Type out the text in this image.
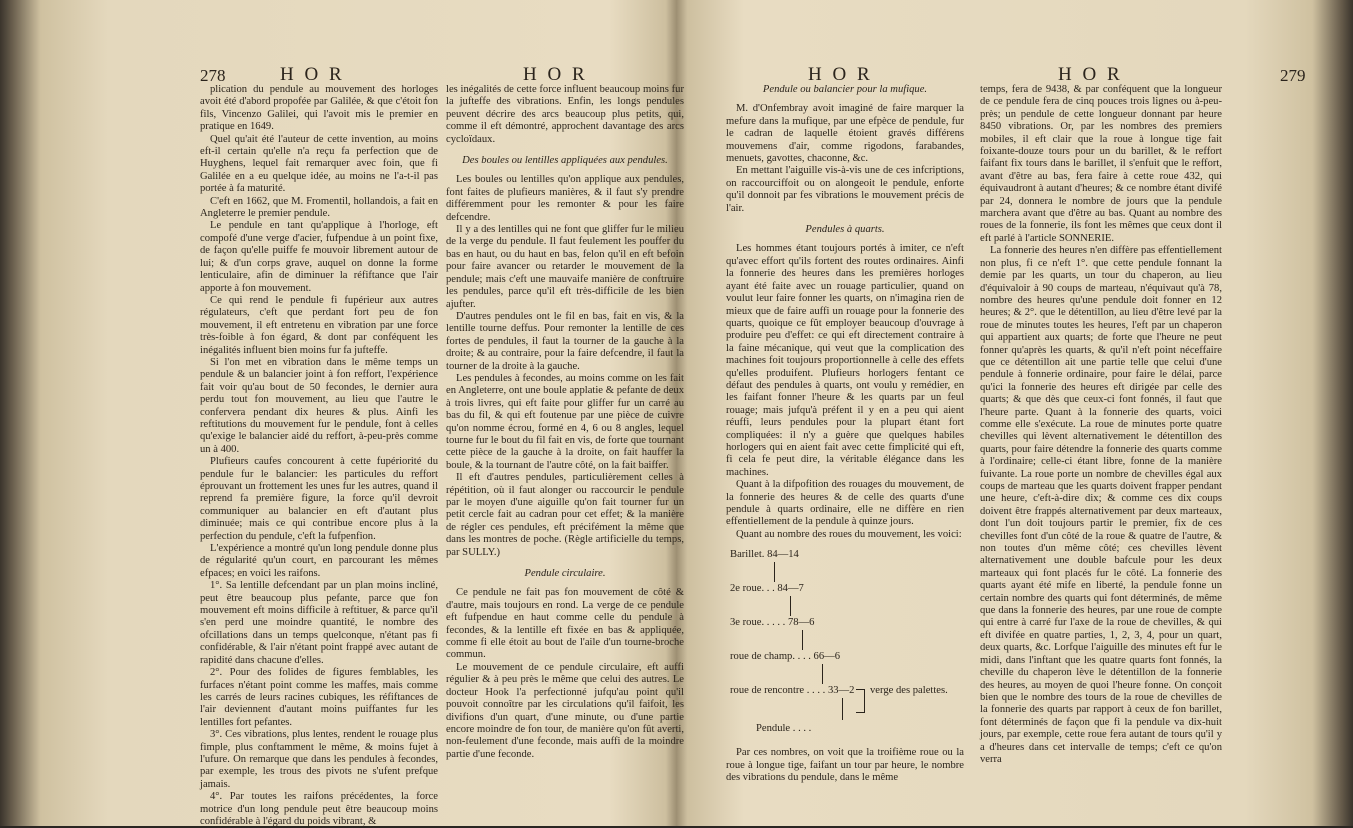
278	H O R	H O R

plication du pendule au mouvement des horloges avoit été d'abord propofée par Galilée, & que c'étoit fon fils, Vincenzo Galilei, qui l'avoit mis le premier en pratique en 1649.

Quel qu'ait été l'auteur de cette invention, au moins eft-il certain qu'elle n'a reçu fa perfection que de Huyghens, lequel fait remarquer avec foin, que fi Galilée en a eu quelque idée, au moins ne l'a-t-il pas portée à fa maturité.

C'eft en 1662, que M. Fromentil, hollandois, a fait en Angleterre le premier pendule.

Le pendule en tant qu'applique à l'horloge, eft compofé d'une verge d'acier, fufpendue à un point fixe, de façon qu'elle puiffe fe mouvoir librement autour de lui; & d'un corps grave, auquel on donne la forme lenticulaire, afin de diminuer la réfiftance que l'air apporte à fon mouvement.

Ce qui rend le pendule fi fupérieur aux autres régulateurs, c'eft que perdant fort peu de fon mouvement, il eft entretenu en vibration par une force très-foible à fon égard, & dont par conféquent les inégalités influent bien moins fur fa jufteffe.

Si l'on met en vibration dans le même temps un pendule & un balancier joint à fon reffort, l'expérience fait voir qu'au bout de 50 fecondes, le dernier aura perdu tout fon mouvement, au lieu que l'autre le confervera pendant dix heures & plus. Ainfi les reftitutions du mouvement fur le pendule, font à celles qu'exige le balancier aidé du reffort, à-peu-près comme un à 400.

Plufieurs caufes concourent à cette fupériorité du pendule fur le balancier: les particules du reffort éprouvant un frottement les unes fur les autres, quand il reprend fa première figure, la force qu'il devroit communiquer au balancier en eft d'autant plus diminuée; mais ce qui contribue encore plus à la perfection du pendule, c'eft la fufpenfion.

L'expérience a montré qu'un long pendule donne plus de régularité qu'un court, en parcourant les mêmes efpaces; en voici les raifons.

1°. Sa lentille defcendant par un plan moins incliné, peut être beaucoup plus pefante, parce que fon mouvement eft moins difficile à reftituer, & parce qu'il s'en perd une moindre quantité, le nombre des ofcillations dans un temps quelconque, n'étant pas fi confidérable, & l'air n'étant point frappé avec autant de rapidité dans chacune d'elles.

2°. Pour des folides de figures femblables, les furfaces n'étant point comme les maffes, mais comme les carrés de leurs racines cubiques, les réfiftances de l'air deviennent d'autant moins puiffantes fur les lentilles fort pefantes.

3°. Ces vibrations, plus lentes, rendent le rouage plus fimple, plus conftamment le même, & moins fujet à l'ufure. On remarque que dans les pendules à fecondes, par exemple, les trous des pivots ne s'ufent prefque jamais.

4°. Par toutes les raifons précédentes, la force motrice d'un long pendule peut être beaucoup moins confidérable à l'égard du poids vibrant, &

les inégalités de cette force influent beaucoup moins fur la jufteffe des vibrations. Enfin, les longs pendules peuvent décrire des arcs beaucoup plus petits, qui, comme il eft démontré, approchent davantage des arcs cycloïdaux.

Des boules ou lentilles appliquées aux pendules.

Les boules ou lentilles qu'on applique aux pendules, font faites de plufieurs manières, & il faut s'y prendre différemment pour les remonter & pour les faire defcendre.

Il y a des lentilles qui ne font que gliffer fur le milieu de la verge du pendule. Il faut feulement les pouffer du bas en haut, ou du haut en bas, felon qu'il en eft befoin pour faire avancer ou retarder le mouvement de la pendule; mais c'eft une mauvaife manière de conftruire les pendules, parce qu'il eft très-difficile de les bien ajufter.

D'autres pendules ont le fil en bas, fait en vis, & la lentille tourne deffus. Pour remonter la lentille de ces fortes de pendules, il faut la tourner de la gauche à la droite; & au contraire, pour la faire defcendre, il faut la tourner de la droite à la gauche.

Les pendules à fecondes, au moins comme on les fait en Angleterre, ont une boule applatie & pefante de deux à trois livres, qui eft faite pour gliffer fur un carré au bas du fil, & qui eft foutenue par une pièce de cuivre qu'on nomme écrou, formé en 4, 6 ou 8 angles, lequel tourne fur le bout du fil fait en vis, de forte que tournant cette pièce de la gauche à la droite, on fait hauffer la boule, & la tournant de l'autre côté, on la fait baiffer.

Il eft d'autres pendules, particulièrement celles à répétition, où il faut alonger ou raccourcir le pendule par le moyen d'une aiguille qu'on fait tourner fur un petit cercle fait au cadran pour cet effet; & la manière de régler ces pendules, eft précifément la même que dans les montres de poche. (Règle artificielle du temps, par SULLY.)

Pendule circulaire.

Ce pendule ne fait pas fon mouvement de côté & d'autre, mais toujours en rond. La verge de ce pendule eft fufpendue en haut comme celle du pendule à fecondes, & la lentille eft fixée en bas & appliquée, comme fi elle étoit au bout de l'aile d'un tourne-broche commun.

Le mouvement de ce pendule circulaire, eft auffi régulier & à peu près le même que celui des autres. Le docteur Hook l'a perfectionné jufqu'au point qu'il pouvoit connoître par les circulations qu'il faifoit, les divifions d'un quart, d'une minute, ou d'une partie encore moindre de fon tour, de manière qu'on fût averti, non-feulement d'une feconde, mais auffi de la moindre partie d'une feconde.

H O R	H O R	279

Pendule ou balancier pour la mufique.

M. d'Onfembray avoit imaginé de faire marquer la mefure dans la mufique, par une efpèce de pendule, fur le cadran de laquelle étoient gravés différens mouvemens d'air, comme rigodons, farabandes, menuets, gavottes, chaconne, &c.

En mettant l'aiguille vis-à-vis une de ces infcriptions, on raccourciffoit ou on alongeoit le pendule, enforte qu'il donnoit par fes vibrations le mouvement précis de l'air.

Pendules à quarts.

Les hommes étant toujours portés à imiter, ce n'eft qu'avec effort qu'ils fortent des routes ordinaires. Ainfi la fonnerie des heures dans les premières horloges ayant été faite avec un rouage particulier, quand on voulut leur faire fonner les quarts, on n'imagina rien de mieux que de faire auffi un rouage pour la fonnerie des quarts, quoique ce fût employer beaucoup d'ouvrage à produire peu d'effet: ce qui eft directement contraire à la faine mécanique, qui veut que la complication des machines foit toujours proportionnelle à celle des effets qu'elles produifent. Plufieurs horlogers fentant ce défaut des pendules à quarts, ont voulu y remédier, en les faifant fonner l'heure & les quarts par un feul rouage; mais jufqu'à préfent il y en a peu qui aient réuffi, leurs pendules pour la plupart étant fort compliquées: il n'y a guère que quelques habiles horlogers qui en aient fait avec cette fimplicité qui eft, fi cela fe peut dire, la véritable élégance dans les machines.

Quant à la difpofition des rouages du mouvement, de la fonnerie des heures & de celle des quarts d'une pendule à quarts ordinaire, elle ne diffère en rien effentiellement de la pendule à quinze jours.

Quant au nombre des roues du mouvement, les voici:

Barillet. 84—14
2e roue. . . 84—7
3e roue. . . . . 78—6
roue de champ. . . . 66—6
roue de rencontre . . . . 33—2 verge des palettes.
Pendule . . . .

Par ces nombres, on voit que la troifième roue ou la roue à longue tige, faifant un tour par heure, le nombre des vibrations du pendule, dans le même

temps, fera de 9438, & par conféquent que la longueur de ce pendule fera de cinq pouces trois lignes ou à-peu-près; un pendule de cette longueur donnant par heure 8450 vibrations. Or, par les nombres des premiers mobiles, il eft clair que la roue à longue tige fait foixante-douze tours pour un du barillet, & le reffort faifant fix tours dans le barillet, il s'enfuit que le reffort, avant d'être au bas, fera faire à cette roue 432, qui équivaudront à autant d'heures; & ce nombre étant divifé par 24, donnera le nombre de jours que la pendule marchera avant que d'être au bas. Quant au nombre des roues de la fonnerie, ils font les mêmes que ceux dont il eft parlé à l'article SONNERIE.

La fonnerie des heures n'en diffère pas effentiellement non plus, fi ce n'eft 1°. que cette pendule fonnant la demie par les quarts, un tour du chaperon, au lieu d'équivaloir à 90 coups de marteau, n'équivaut qu'à 78, nombre des heures qu'une pendule doit fonner en 12 heures; & 2°. que le détentillon, au lieu d'être levé par la roue de minutes toutes les heures, l'eft par un chaperon qui appartient aux quarts; de forte que l'heure ne peut fonner qu'après les quarts, & qu'il n'eft point néceffaire que ce détentillon ait une partie telle que celui d'une pendule à fonnerie ordinaire, pour faire le délai, parce qu'ici la fonnerie des heures eft dirigée par celle des quarts; & que dès que ceux-ci font fonnés, il faut que l'heure parte. Quant à la fonnerie des quarts, voici comme elle s'exécute. La roue de minutes porte quatre chevilles qui lèvent alternativement le détentillon des quarts, pour faire détendre la fonnerie des quarts comme à l'ordinaire; celle-ci étant libre, fonne de la manière fuivante. La roue porte un nombre de chevilles égal aux coups de marteau que les quarts doivent frapper pendant une heure, c'eft-à-dire dix; & comme ces dix coups doivent être frappés alternativement par deux marteaux, dont l'un doit toujours partir le premier, fix de ces chevilles font d'un côté de la roue & quatre de l'autre, & non toutes d'un même côté; ces chevilles lèvent alternativement une double bafcule pour les deux marteaux qui font placés fur le côté. La fonnerie des quarts ayant été mife en liberté, la pendule fonne un certain nombre des quarts qui font déterminés, de même que dans la fonnerie des heures, par une roue de compte qui entre à carré fur l'axe de la roue de chevilles, & qui eft divifée en quatre parties, 1, 2, 3, 4, pour un quart, deux quarts, &c. Lorfque l'aiguille des minutes eft fur le midi, dans l'inftant que les quatre quarts font fonnés, la cheville du chaperon lève le détentillon de la fonnerie des heures, au moyen de quoi l'heure fonne. On conçoit bien que le nombre des tours de la roue de chevilles de la fonnerie des quarts par rapport à ceux de fon barillet, font déterminés de façon que fi la pendule va dix-huit jours, par exemple, cette roue fera autant de tours qu'il y a d'heures dans cet intervalle de temps; c'eft ce qu'on verra
